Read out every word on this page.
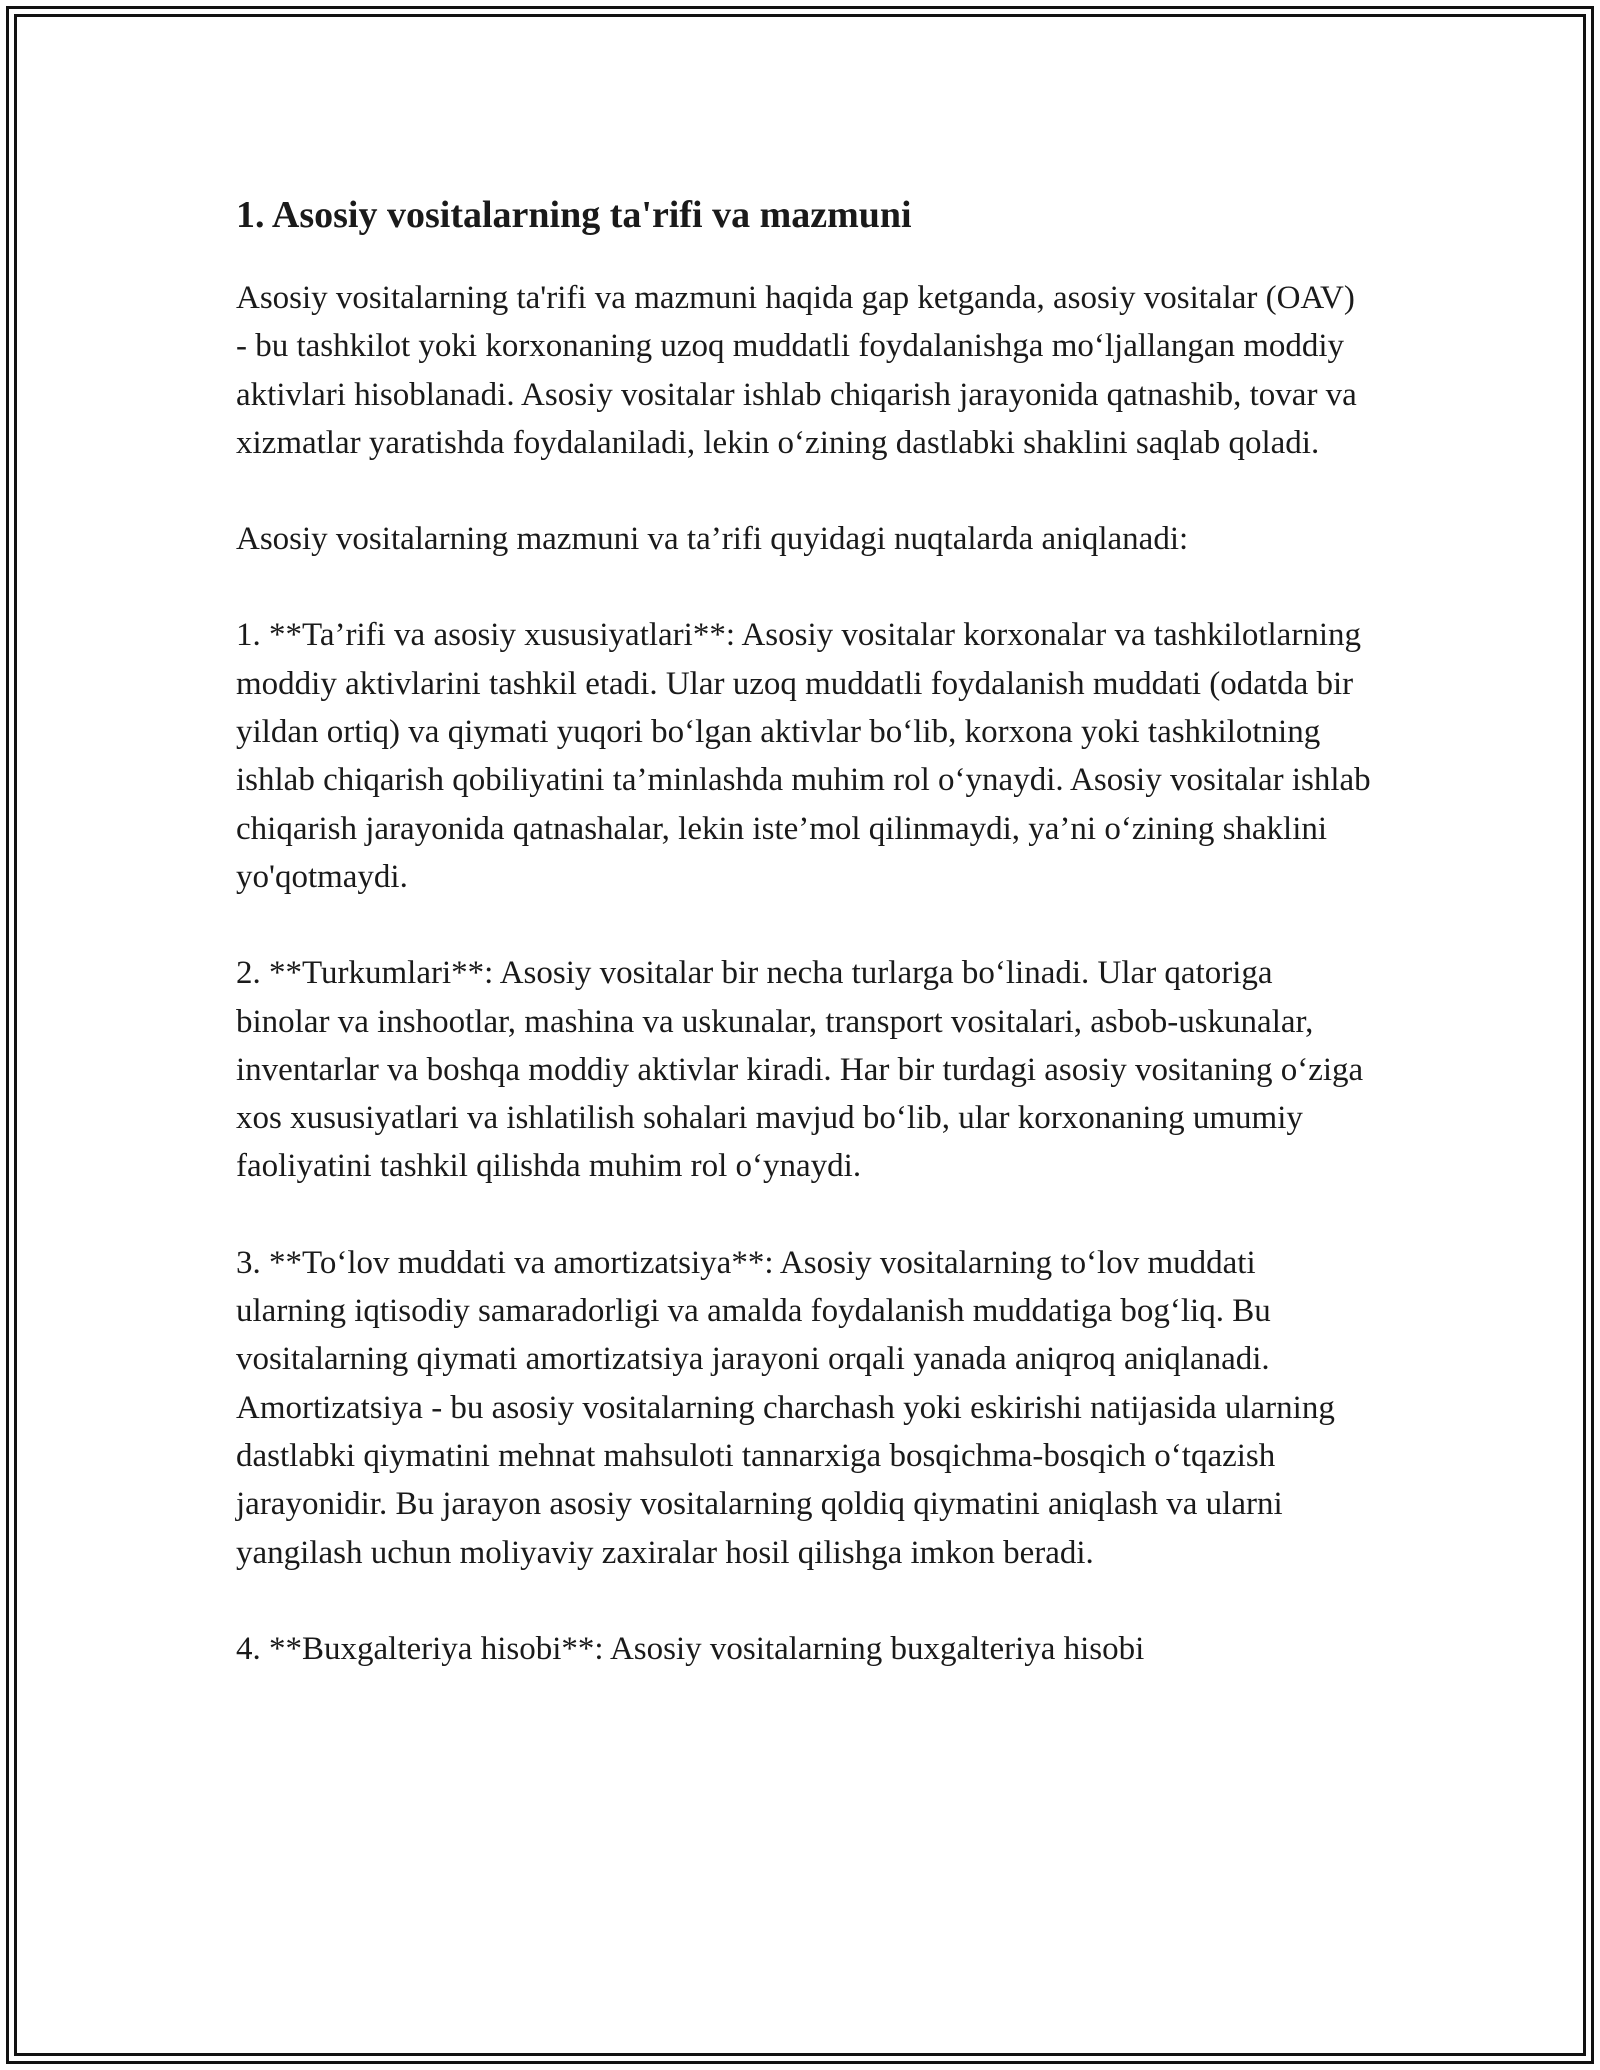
1. Asosiy vositalarning ta'rifi va mazmuni

Asosiy vositalarning ta'rifi va mazmuni haqida gap ketganda, asosiy vositalar (OAV) - bu tashkilot yoki korxonaning uzoq muddatli foydalanishga mo‘ljallangan moddiy aktivlari hisoblanadi. Asosiy vositalar ishlab chiqarish jarayonida qatnashib, tovar va xizmatlar yaratishda foydalaniladi, lekin o‘zining dastlabki shaklini saqlab qoladi.

Asosiy vositalarning mazmuni va ta’rifi quyidagi nuqtalarda aniqlanadi:

1. **Ta’rifi va asosiy xususiyatlari**: Asosiy vositalar korxonalar va tashkilotlarning moddiy aktivlarini tashkil etadi. Ular uzoq muddatli foydalanish muddati (odatda bir yildan ortiq) va qiymati yuqori bo‘lgan aktivlar bo‘lib, korxona yoki tashkilotning ishlab chiqarish qobiliyatini ta’minlashda muhim rol o‘ynaydi. Asosiy vositalar ishlab chiqarish jarayonida qatnashalar, lekin iste’mol qilinmaydi, ya’ni o‘zining shaklini yo'qotmaydi.

2. **Turkumlari**: Asosiy vositalar bir necha turlarga bo‘linadi. Ular qatoriga binolar va inshootlar, mashina va uskunalar, transport vositalari, asbob-uskunalar, inventarlar va boshqa moddiy aktivlar kiradi. Har bir turdagi asosiy vositaning o‘ziga xos xususiyatlari va ishlatilish sohalari mavjud bo‘lib, ular korxonaning umumiy faoliyatini tashkil qilishda muhim rol o‘ynaydi.

3. **To‘lov muddati va amortizatsiya**: Asosiy vositalarning to‘lov muddati ularning iqtisodiy samaradorligi va amalda foydalanish muddatiga bog‘liq. Bu vositalarning qiymati amortizatsiya jarayoni orqali yanada aniqroq aniqlanadi. Amortizatsiya - bu asosiy vositalarning charchash yoki eskirishi natijasida ularning dastlabki qiymatini mehnat mahsuloti tannarxiga bosqichma-bosqich o‘tqazish jarayonidir. Bu jarayon asosiy vositalarning qoldiq qiymatini aniqlash va ularni yangilash uchun moliyaviy zaxiralar hosil qilishga imkon beradi.

4. **Buxgalteriya hisobi**: Asosiy vositalarning buxgalteriya hisobi
